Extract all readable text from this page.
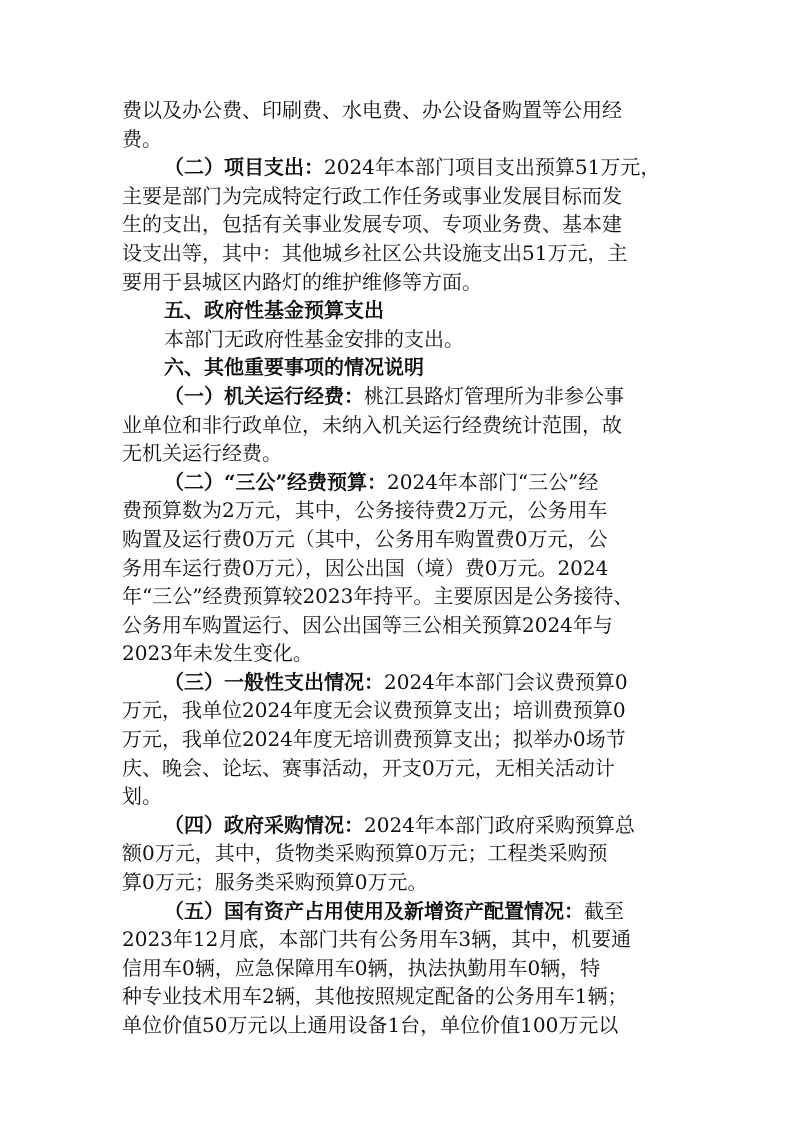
费以及办公费、印刷费、水电费、办公设备购置等公用经
费。
（二）项目支出：2024年本部门项目支出预算51万元，
主要是部门为完成特定行政工作任务或事业发展目标而发
生的支出，包括有关事业发展专项、专项业务费、基本建
设支出等，其中：其他城乡社区公共设施支出51万元，主
要用于县城区内路灯的维护维修等方面。
五、政府性基金预算支出
本部门无政府性基金安排的支出。
六、其他重要事项的情况说明
（一）机关运行经费：桃江县路灯管理所为非参公事
业单位和非行政单位，未纳入机关运行经费统计范围，故
无机关运行经费。
（二）“三公”经费预算：2024年本部门“三公”经
费预算数为2万元，其中，公务接待费2万元，公务用车
购置及运行费0万元（其中，公务用车购置费0万元，公
务用车运行费0万元），因公出国（境）费0万元。2024
年“三公”经费预算较2023年持平。主要原因是公务接待、
公务用车购置运行、因公出国等三公相关预算2024年与
2023年未发生变化。
（三）一般性支出情况：2024年本部门会议费预算0
万元，我单位2024年度无会议费预算支出；培训费预算0
万元，我单位2024年度无培训费预算支出；拟举办0场节
庆、晚会、论坛、赛事活动，开支0万元，无相关活动计
划。
（四）政府采购情况：2024年本部门政府采购预算总
额0万元，其中，货物类采购预算0万元；工程类采购预
算0万元；服务类采购预算0万元。
（五）国有资产占用使用及新增资产配置情况：截至
2023年12月底，本部门共有公务用车3辆，其中，机要通
信用车0辆，应急保障用车0辆，执法执勤用车0辆，特
种专业技术用车2辆，其他按照规定配备的公务用车1辆；
单位价值50万元以上通用设备1台，单位价值100万元以
